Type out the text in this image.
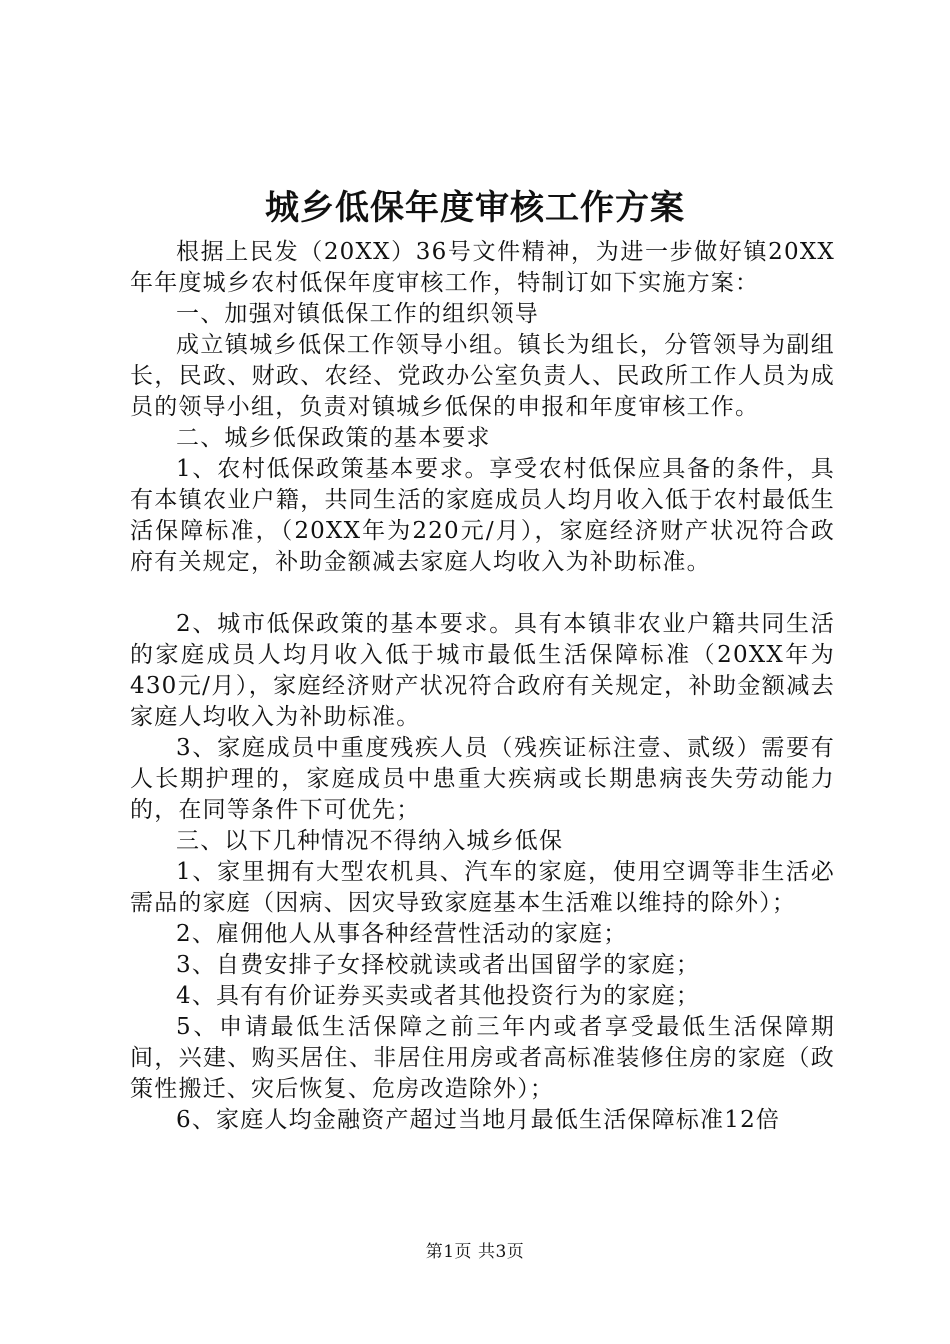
城乡低保年度审核工作方案

根据上民发（20XX）36号文件精神，为进一步做好镇20XX年年度城乡农村低保年度审核工作，特制订如下实施方案：

一、加强对镇低保工作的组织领导

成立镇城乡低保工作领导小组。镇长为组长，分管领导为副组长，民政、财政、农经、党政办公室负责人、民政所工作人员为成员的领导小组，负责对镇城乡低保的申报和年度审核工作。

二、城乡低保政策的基本要求

1、农村低保政策基本要求。享受农村低保应具备的条件，具有本镇农业户籍，共同生活的家庭成员人均月收入低于农村最低生活保障标准，（20XX年为220元/月），家庭经济财产状况符合政府有关规定，补助金额减去家庭人均收入为补助标准。

2、城市低保政策的基本要求。具有本镇非农业户籍共同生活的家庭成员人均月收入低于城市最低生活保障标准（20XX年为430元/月），家庭经济财产状况符合政府有关规定，补助金额减去家庭人均收入为补助标准。

3、家庭成员中重度残疾人员（残疾证标注壹、贰级）需要有人长期护理的，家庭成员中患重大疾病或长期患病丧失劳动能力的，在同等条件下可优先；

三、以下几种情况不得纳入城乡低保

1、家里拥有大型农机具、汽车的家庭，使用空调等非生活必需品的家庭（因病、因灾导致家庭基本生活难以维持的除外）；

2、雇佣他人从事各种经营性活动的家庭；

3、自费安排子女择校就读或者出国留学的家庭；

4、具有有价证券买卖或者其他投资行为的家庭；

5、申请最低生活保障之前三年内或者享受最低生活保障期间，兴建、购买居住、非居住用房或者高标准装修住房的家庭（政策性搬迁、灾后恢复、危房改造除外）；

6、家庭人均金融资产超过当地月最低生活保障标准12倍

第1页 共3页
